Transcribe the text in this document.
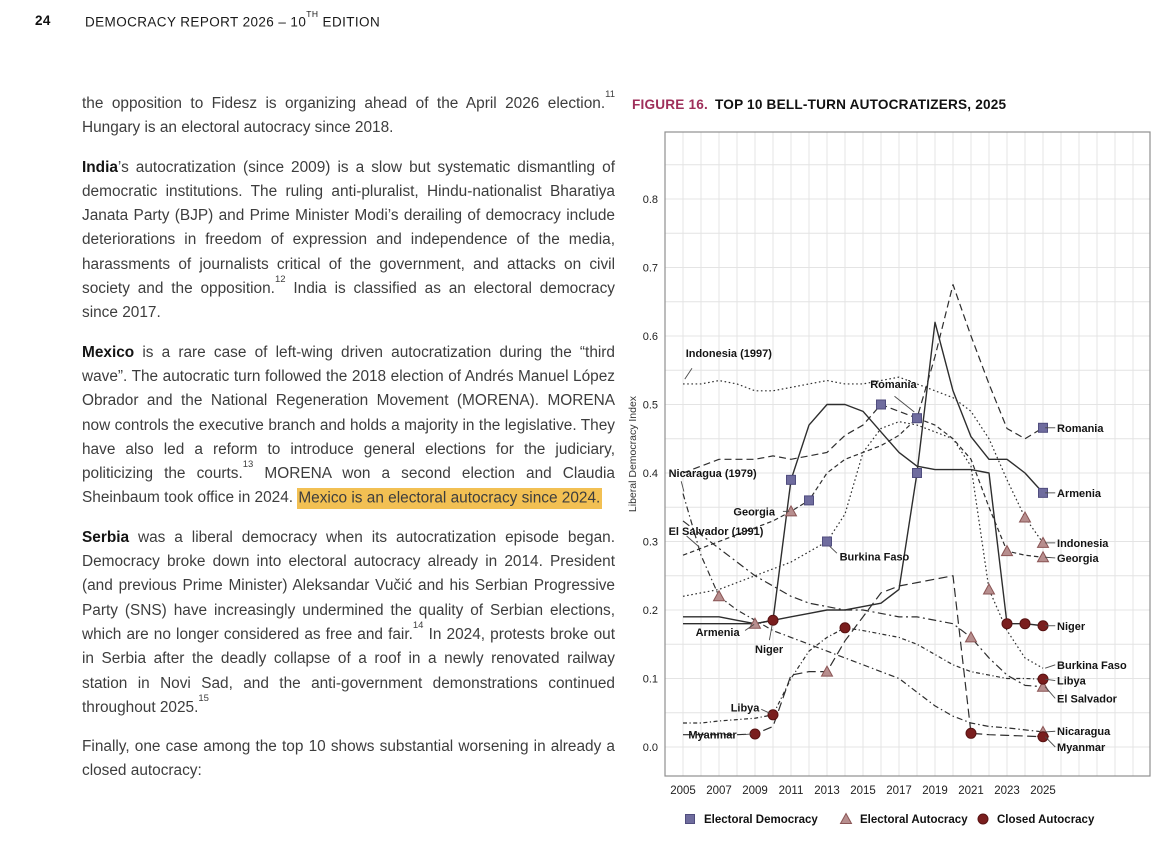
24	DEMOCRACY REPORT 2026 – 10TH EDITION

the opposition to Fidesz is organizing ahead of the April 2026 election.$^{11}$ Hungary is an electoral autocracy since 2018.

India’s autocratization (since 2009) is a slow but systematic dismantling of democratic institutions. The ruling anti-pluralist, Hindu-nationalist Bharatiya Janata Party (BJP) and Prime Minister Modi’s derailing of democracy include deteriorations in freedom of expression and independence of the media, harassments of journalists critical of the government, and attacks on civil society and the opposition.$^{12}$ India is classified as an electoral democracy since 2017.

Mexico is a rare case of left-wing driven autocratization during the “third wave”. The autocratic turn followed the 2018 election of Andrés Manuel López Obrador and the National Regeneration Movement (MORENA). MORENA now controls the executive branch and holds a majority in the legislative. They have also led a reform to introduce general elections for the judiciary, politicizing the courts.$^{13}$ MORENA won a second election and Claudia Sheinbaum took office in 2024. Mexico is an electoral autocracy since 2024.

Serbia was a liberal democracy when its autocratization episode began. Democracy broke down into electoral autocracy already in 2014. President (and previous Prime Minister) Aleksandar Vučić and his Serbian Progressive Party (SNS) have increasingly undermined the quality of Serbian elections, which are no longer considered as free and fair.$^{14}$ In 2024, protests broke out in Serbia after the deadly collapse of a roof in a newly renovated railway station in Novi Sad, and the anti-government demonstrations continued throughout 2025.15

Finally, one case among the top 10 shows substantial worsening in already a closed autocracy:

FIGURE 16. TOP 10 BELL-TURN AUTOCRATIZERS, 2025
0.0
0.1
0.2
0.3
0.4
0.5
0.6
0.7
0.8
2005 2007 2009 2011 2013 2015 2017 2019 2021 2023 2025
Liberal Democracy Index
Indonesia (1997)
Nicaragua (1979)
Georgia
El Salvador (1991)
Burkina Faso
Armenia
Niger
Libya
Myanmar
Romania
Romania
Armenia
Indonesia
Georgia
Niger
Burkina Faso
Libya
El Salvador
Nicaragua
Myanmar
Electoral Democracy	Electoral Autocracy	Closed Autocracy
